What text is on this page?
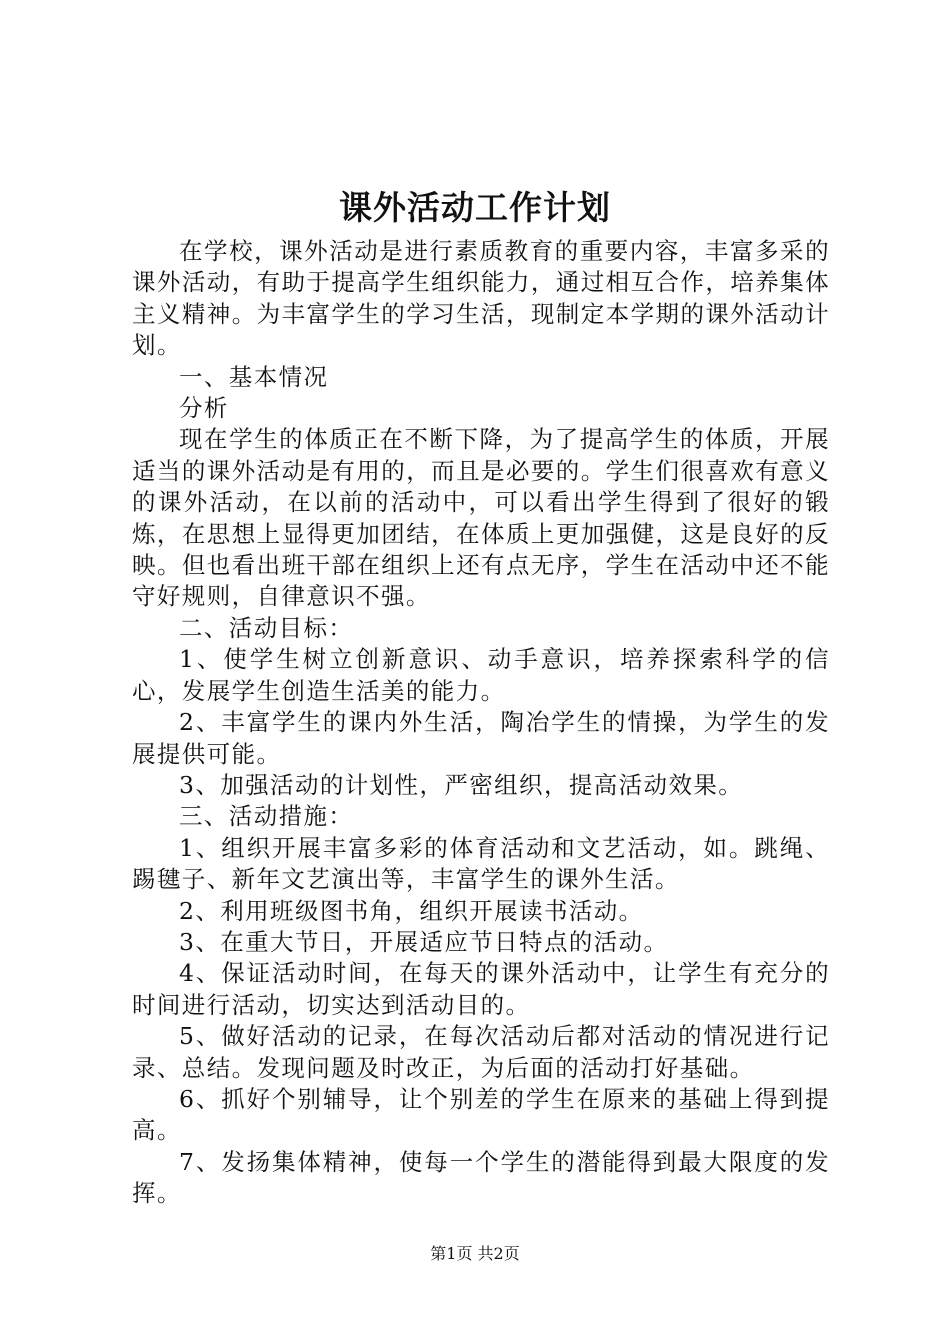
课外活动工作计划

在学校，课外活动是进行素质教育的重要内容，丰富多采的课外活动，有助于提高学生组织能力，通过相互合作，培养集体主义精神。为丰富学生的学习生活，现制定本学期的课外活动计划。

一、基本情况

分析

现在学生的体质正在不断下降，为了提高学生的体质，开展适当的课外活动是有用的，而且是必要的。学生们很喜欢有意义的课外活动，在以前的活动中，可以看出学生得到了很好的锻炼，在思想上显得更加团结，在体质上更加强健，这是良好的反映。但也看出班干部在组织上还有点无序，学生在活动中还不能守好规则，自律意识不强。

二、活动目标：

1、使学生树立创新意识、动手意识，培养探索科学的信心，发展学生创造生活美的能力。

2、丰富学生的课内外生活，陶冶学生的情操，为学生的发展提供可能。

3、加强活动的计划性，严密组织，提高活动效果。

三、活动措施：

1、组织开展丰富多彩的体育活动和文艺活动，如。跳绳、踢毽子、新年文艺演出等，丰富学生的课外生活。

2、利用班级图书角，组织开展读书活动。

3、在重大节日，开展适应节日特点的活动。

4、保证活动时间，在每天的课外活动中，让学生有充分的时间进行活动，切实达到活动目的。

5、做好活动的记录，在每次活动后都对活动的情况进行记录、总结。发现问题及时改正，为后面的活动打好基础。

6、抓好个别辅导，让个别差的学生在原来的基础上得到提高。

7、发扬集体精神，使每一个学生的潜能得到最大限度的发挥。

第1页 共2页
